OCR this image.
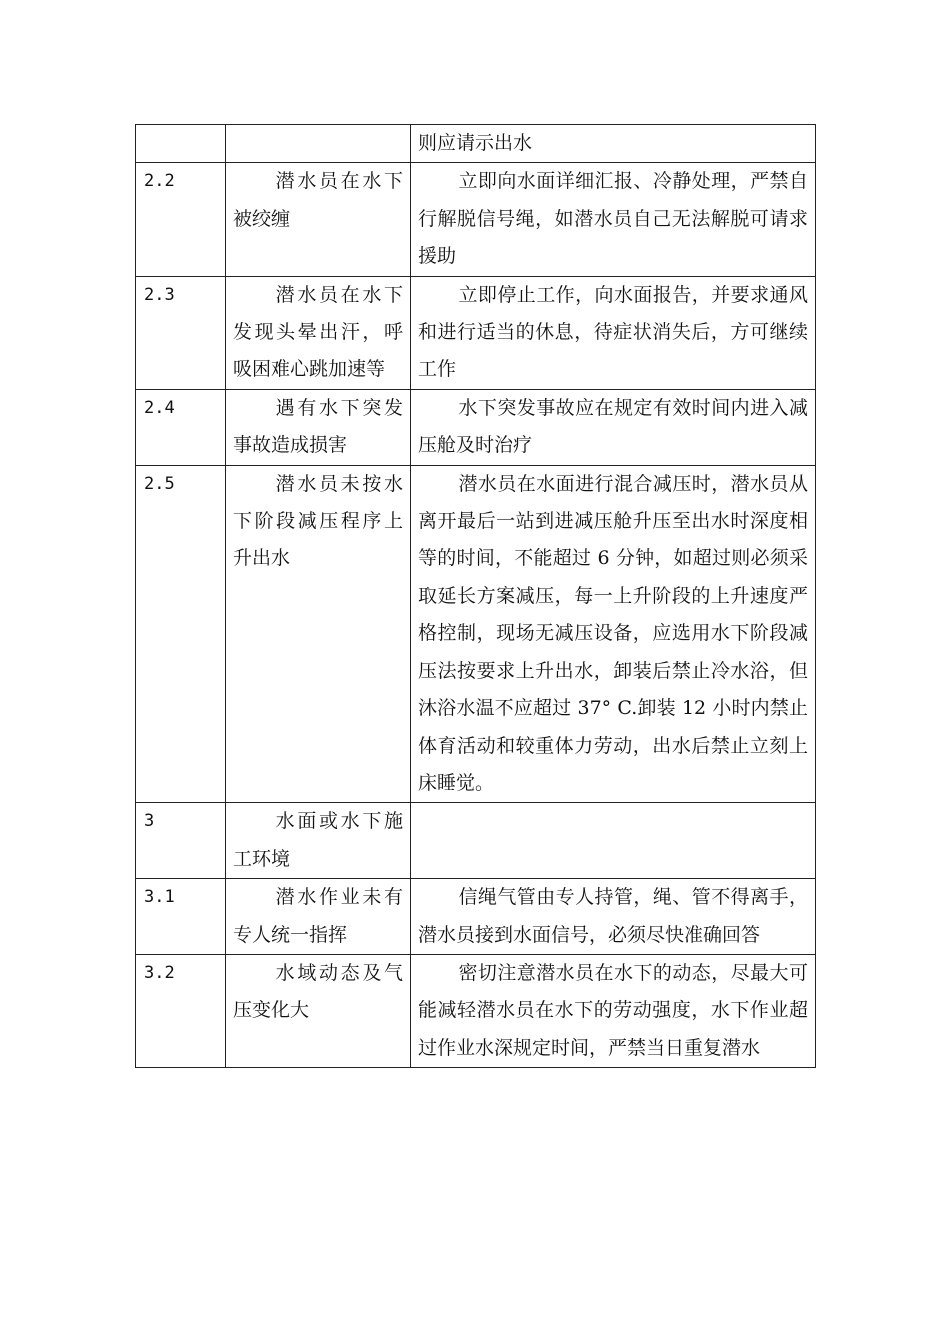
		则应请示出水
2.2	潜水员在水下被绞缠	立即向水面详细汇报、冷静处理，严禁自行解脱信号绳，如潜水员自己无法解脱可请求援助
2.3	潜水员在水下发现头晕出汗，呼吸困难心跳加速等	立即停止工作，向水面报告，并要求通风和进行适当的休息，待症状消失后，方可继续工作
2.4	遇有水下突发事故造成损害	水下突发事故应在规定有效时间内进入减压舱及时治疗
2.5	潜水员未按水下阶段减压程序上升出水	潜水员在水面进行混合减压时，潜水员从离开最后一站到进减压舱升压至出水时深度相等的时间，不能超过 6 分钟，如超过则必须采取延长方案减压，每一上升阶段的上升速度严格控制，现场无减压设备，应选用水下阶段减压法按要求上升出水，卸装后禁止冷水浴，但沐浴水温不应超过 37° C.卸装 12 小时内禁止体育活动和较重体力劳动，出水后禁止立刻上床睡觉。
3	水面或水下施工环境	
3.1	潜水作业未有专人统一指挥	信绳气管由专人持管，绳、管不得离手，潜水员接到水面信号，必须尽快准确回答
3.2	水域动态及气压变化大	密切注意潜水员在水下的动态，尽最大可能减轻潜水员在水下的劳动强度，水下作业超过作业水深规定时间，严禁当日重复潜水
